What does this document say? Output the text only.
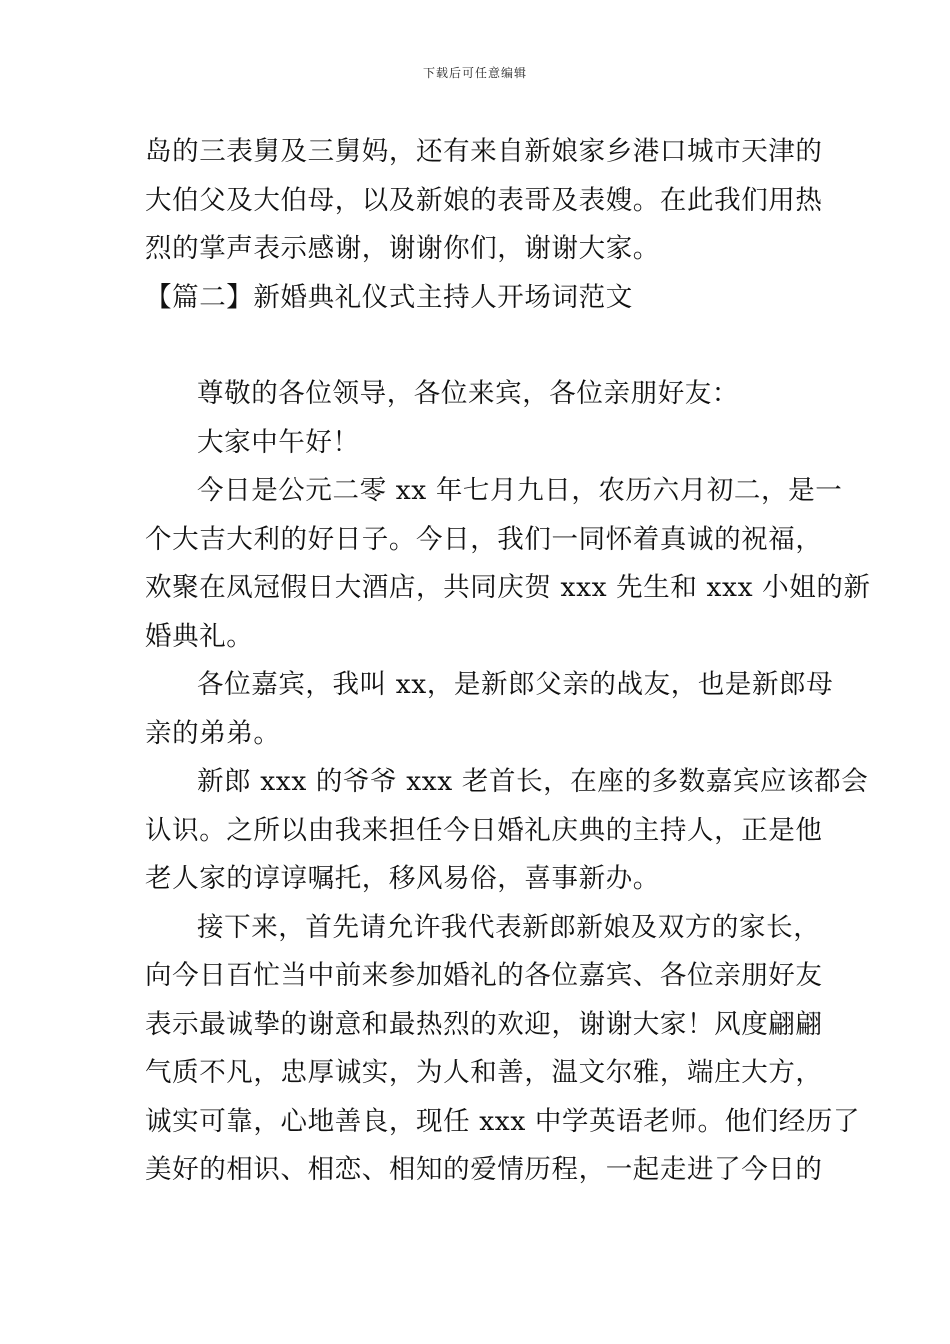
下载后可任意编辑
岛的三表舅及三舅妈，还有来自新娘家乡港口城市天津的
大伯父及大伯母，以及新娘的表哥及表嫂。在此我们用热
烈的掌声表示感谢，谢谢你们，谢谢大家。
【篇二】新婚典礼仪式主持人开场词范文
尊敬的各位领导，各位来宾，各位亲朋好友：
大家中午好！
今日是公元二零 xx 年七月九日，农历六月初二，是一
个大吉大利的好日子。今日，我们一同怀着真诚的祝福，
欢聚在凤冠假日大酒店，共同庆贺 xxx 先生和 xxx 小姐的新
婚典礼。
各位嘉宾，我叫 xx，是新郎父亲的战友，也是新郎母
亲的弟弟。
新郎 xxx 的爷爷 xxx 老首长，在座的多数嘉宾应该都会
认识。之所以由我来担任今日婚礼庆典的主持人，正是他
老人家的谆谆嘱托，移风易俗，喜事新办。
接下来，首先请允许我代表新郎新娘及双方的家长，
向今日百忙当中前来参加婚礼的各位嘉宾、各位亲朋好友
表示最诚挚的谢意和最热烈的欢迎，谢谢大家！风度翩翩
气质不凡，忠厚诚实，为人和善，温文尔雅，端庄大方，
诚实可靠，心地善良，现任 xxx 中学英语老师。他们经历了
美好的相识、相恋、相知的爱情历程，一起走进了今日的
